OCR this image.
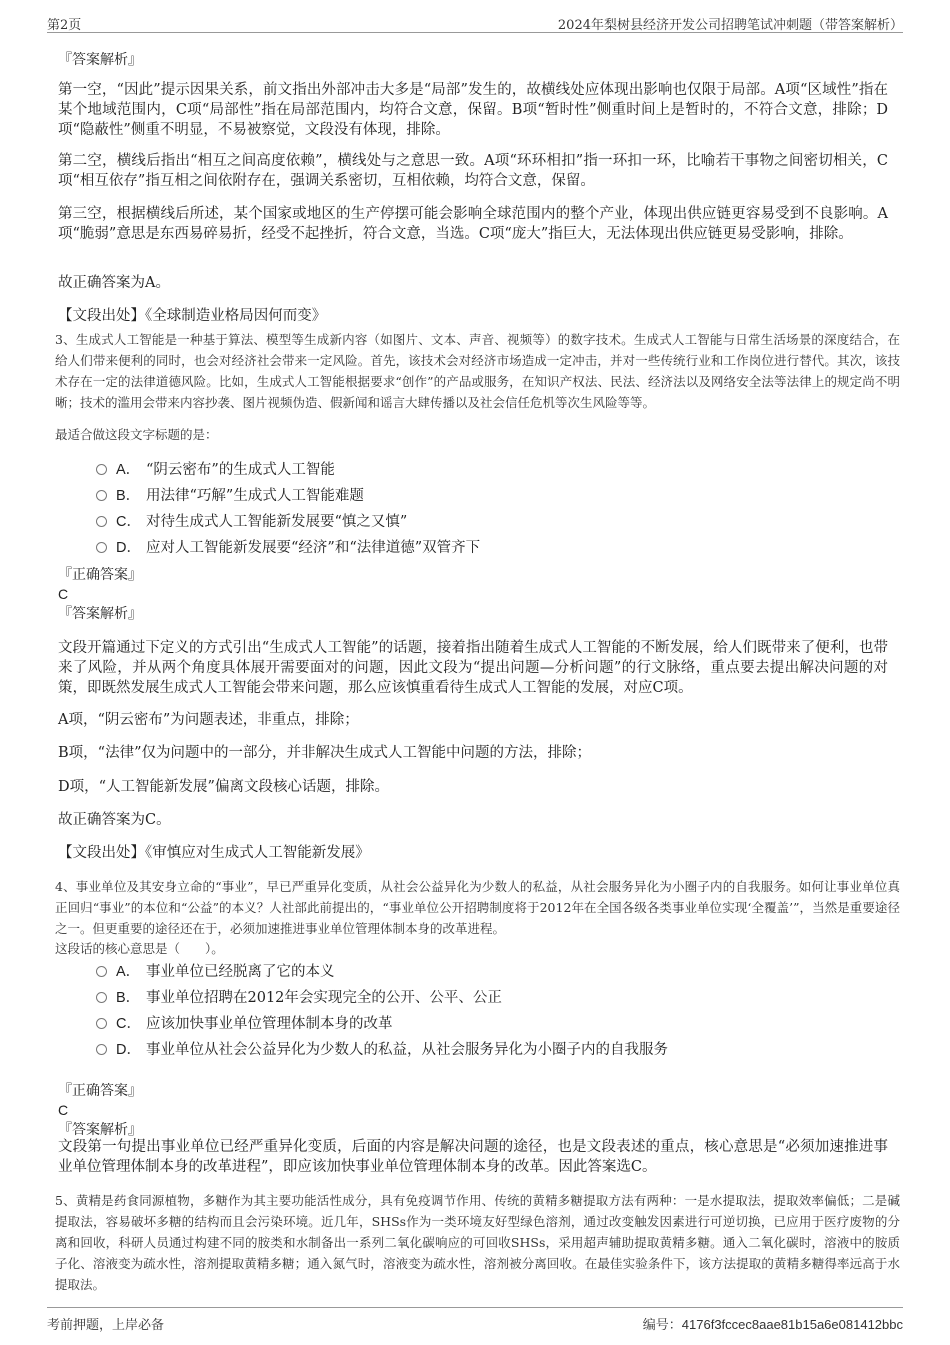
第2页	2024年梨树县经济开发公司招聘笔试冲刺题（带答案解析）

『答案解析』

第一空，“因此”提示因果关系，前文指出外部冲击大多是“局部”发生的，故横线处应体现出影响也仅限于局部。A项“区域性”指在某个地域范围内，C项“局部性”指在局部范围内，均符合文意，保留。B项“暂时性”侧重时间上是暂时的，不符合文意，排除；D项“隐蔽性”侧重不明显，不易被察觉，文段没有体现，排除。

第二空，横线后指出“相互之间高度依赖”，横线处与之意思一致。A项“环环相扣”指一环扣一环，比喻若干事物之间密切相关，C项“相互依存”指互相之间依附存在，强调关系密切，互相依赖，均符合文意，保留。

第三空，根据横线后所述，某个国家或地区的生产停摆可能会影响全球范围内的整个产业，体现出供应链更容易受到不良影响。A项“脆弱”意思是东西易碎易折，经受不起挫折，符合文意，当选。C项“庞大”指巨大，无法体现出供应链更易受影响，排除。

故正确答案为A。

【文段出处】《全球制造业格局因何而变》

3、生成式人工智能是一种基于算法、模型等生成新内容（如图片、文本、声音、视频等）的数字技术。生成式人工智能与日常生活场景的深度结合，在给人们带来便利的同时，也会对经济社会带来一定风险。首先，该技术会对经济市场造成一定冲击，并对一些传统行业和工作岗位进行替代。其次，该技术存在一定的法律道德风险。比如，生成式人工智能根据要求“创作”的产品或服务，在知识产权法、民法、经济法以及网络安全法等法律上的规定尚不明晰；技术的滥用会带来内容抄袭、图片视频伪造、假新闻和谣言大肆传播以及社会信任危机等次生风险等等。

最适合做这段文字标题的是：

A． “阴云密布”的生成式人工智能
B． 用法律“巧解”生成式人工智能难题
C． 对待生成式人工智能新发展要“慎之又慎”
D． 应对人工智能新发展要“经济”和“法律道德”双管齐下

『正确答案』

C

『答案解析』

文段开篇通过下定义的方式引出“生成式人工智能”的话题，接着指出随着生成式人工智能的不断发展，给人们既带来了便利，也带来了风险，并从两个角度具体展开需要面对的问题，因此文段为“提出问题—分析问题”的行文脉络，重点要去提出解决问题的对策，即既然发展生成式人工智能会带来问题，那么应该慎重看待生成式人工智能的发展，对应C项。

A项，“阴云密布”为问题表述，非重点，排除；

B项，“法律”仅为问题中的一部分，并非解决生成式人工智能中问题的方法，排除；

D项，“人工智能新发展”偏离文段核心话题，排除。

故正确答案为C。

【文段出处】《审慎应对生成式人工智能新发展》

4、事业单位及其安身立命的“事业”，早已严重异化变质，从社会公益异化为少数人的私益，从社会服务异化为小圈子内的自我服务。如何让事业单位真正回归“事业”的本位和“公益”的本义？人社部此前提出的，“事业单位公开招聘制度将于2012年在全国各级各类事业单位实现‘全覆盖’”，当然是重要途径之一。但更重要的途径还在于，必须加速推进事业单位管理体制本身的改革进程。

这段话的核心意思是（　　）。

A． 事业单位已经脱离了它的本义
B． 事业单位招聘在2012年会实现完全的公开、公平、公正
C． 应该加快事业单位管理体制本身的改革
D． 事业单位从社会公益异化为少数人的私益，从社会服务异化为小圈子内的自我服务

『正确答案』

C

『答案解析』

文段第一句提出事业单位已经严重异化变质，后面的内容是解决问题的途径，也是文段表述的重点，核心意思是“必须加速推进事业单位管理体制本身的改革进程”，即应该加快事业单位管理体制本身的改革。因此答案选C。

5、黄精是药食同源植物，多糖作为其主要功能活性成分，具有免疫调节作用、传统的黄精多糖提取方法有两种：一是水提取法，提取效率偏低；二是碱提取法，容易破坏多糖的结构而且会污染环境。近几年，SHSs作为一类环境友好型绿色溶剂，通过改变触发因素进行可逆切换，已应用于医疗废物的分离和回收，科研人员通过构建不同的胺类和水制备出一系列二氧化碳响应的可回收SHSs，采用超声辅助提取黄精多糖。通入二氧化碳时，溶液中的胺质子化、溶液变为疏水性，溶剂提取黄精多糖；通入氮气时，溶液变为疏水性，溶剂被分离回收。在最佳实验条件下，该方法提取的黄精多糖得率远高于水提取法。

考前押题，上岸必备	编号：4176f3fccec8aae81b15a6e081412bbc
